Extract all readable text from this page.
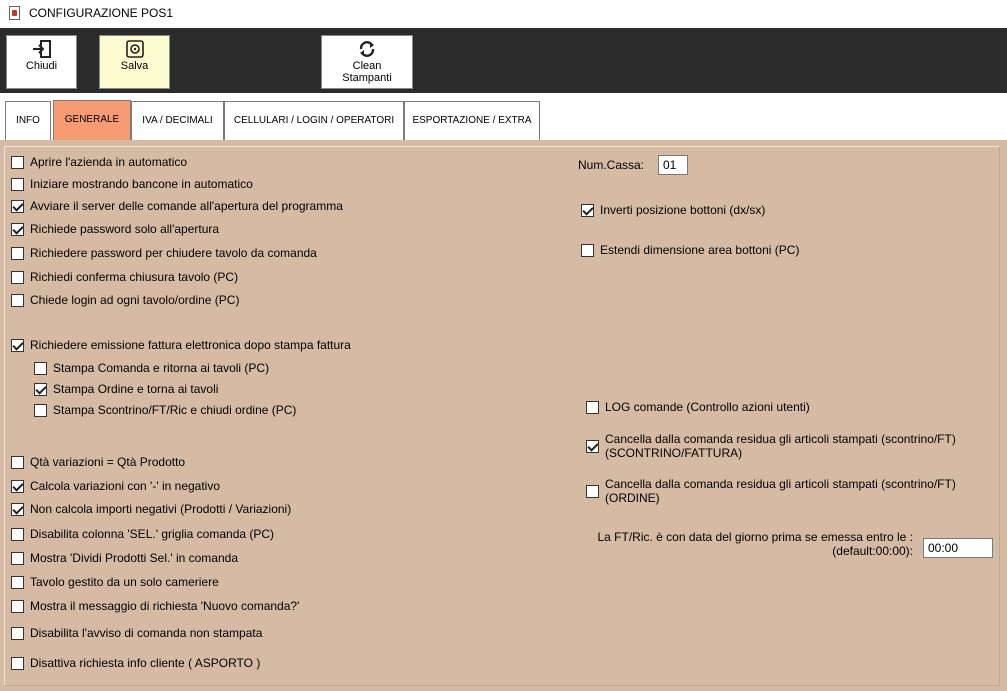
CONFIGURAZIONE POS1
Chiudi	Salva	Clean
Stampanti
INFO	GENERALE	IVA / DECIMALI	CELLULARI / LOGIN / OPERATORI	ESPORTAZIONE / EXTRA
Aprire l'azienda in automatico
Iniziare mostrando bancone in automatico
Avviare il server delle comande all'apertura del programma
Richiede password solo all'apertura
Richiedere password per chiudere tavolo da comanda
Richiedi conferma chiusura tavolo (PC)
Chiede login ad ogni tavolo/ordine (PC)
Richiedere emissione fattura elettronica dopo stampa fattura
Stampa Comanda e ritorna ai tavoli (PC)
Stampa Ordine e torna ai tavoli
Stampa Scontrino/FT/Ric e chiudi ordine (PC)
Qtà variazioni = Qtà Prodotto
Calcola variazioni con '-' in negativo
Non calcola importi negativi (Prodotti / Variazioni)
Disabilita colonna 'SEL.' griglia comanda (PC)
Mostra 'Dividi Prodotti Sel.' in comanda
Tavolo gestito da un solo cameriere
Mostra il messaggio di richiesta 'Nuovo comanda?'
Disabilita l'avviso di comanda non stampata
Disattiva richiesta info cliente ( ASPORTO )
Num.Cassa:	01
Inverti posizione bottoni (dx/sx)
Estendi dimensione area bottoni (PC)
LOG comande (Controllo azioni utenti)
Cancella dalla comanda residua gli articoli stampati (scontrino/FT)
(SCONTRINO/FATTURA)
Cancella dalla comanda residua gli articoli stampati (scontrino/FT)
(ORDINE)
La FT/Ric. è con data del giorno prima se emessa entro le :
(default:00:00):	00:00
